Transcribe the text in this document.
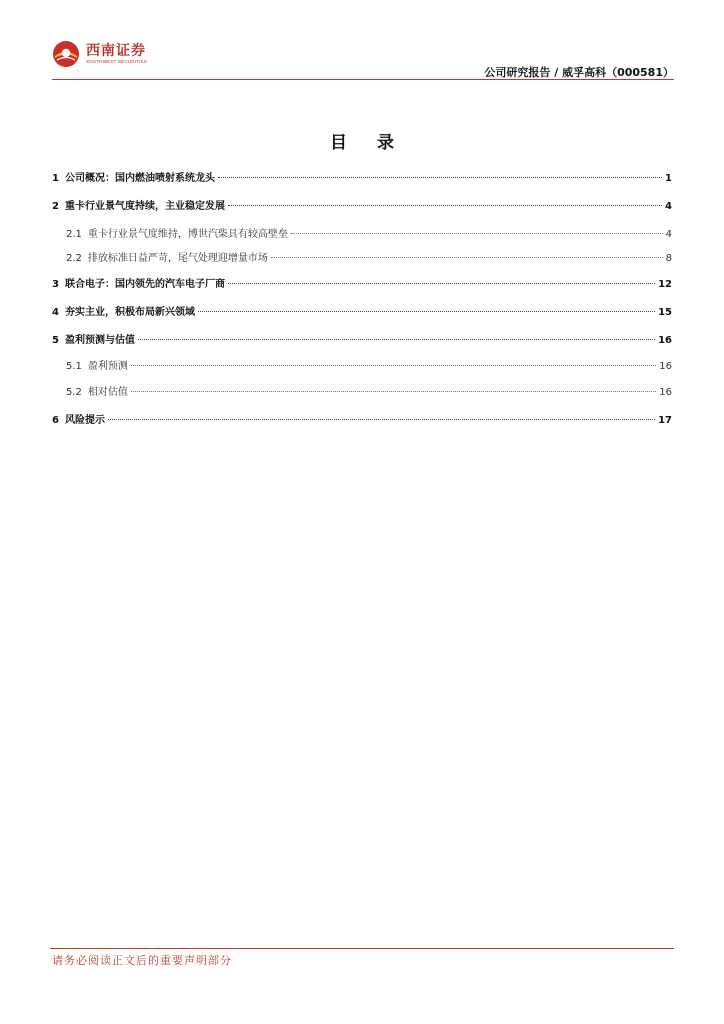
西南证券
SOUTHWEST SECURITIES
公司研究报告 / 威孚高科（000581）
目 录
1 公司概况：国内燃油喷射系统龙头	1
2 重卡行业景气度持续，主业稳定发展	4
2.1 重卡行业景气度维持，博世汽柴具有较高壁垒	4
2.2 排放标准日益严苛，尾气处理迎增量市场	8
3 联合电子：国内领先的汽车电子厂商	12
4 夯实主业，积极布局新兴领域	15
5 盈利预测与估值	16
5.1 盈利预测	16
5.2 相对估值	16
6 风险提示	17
请务必阅读正文后的重要声明部分
